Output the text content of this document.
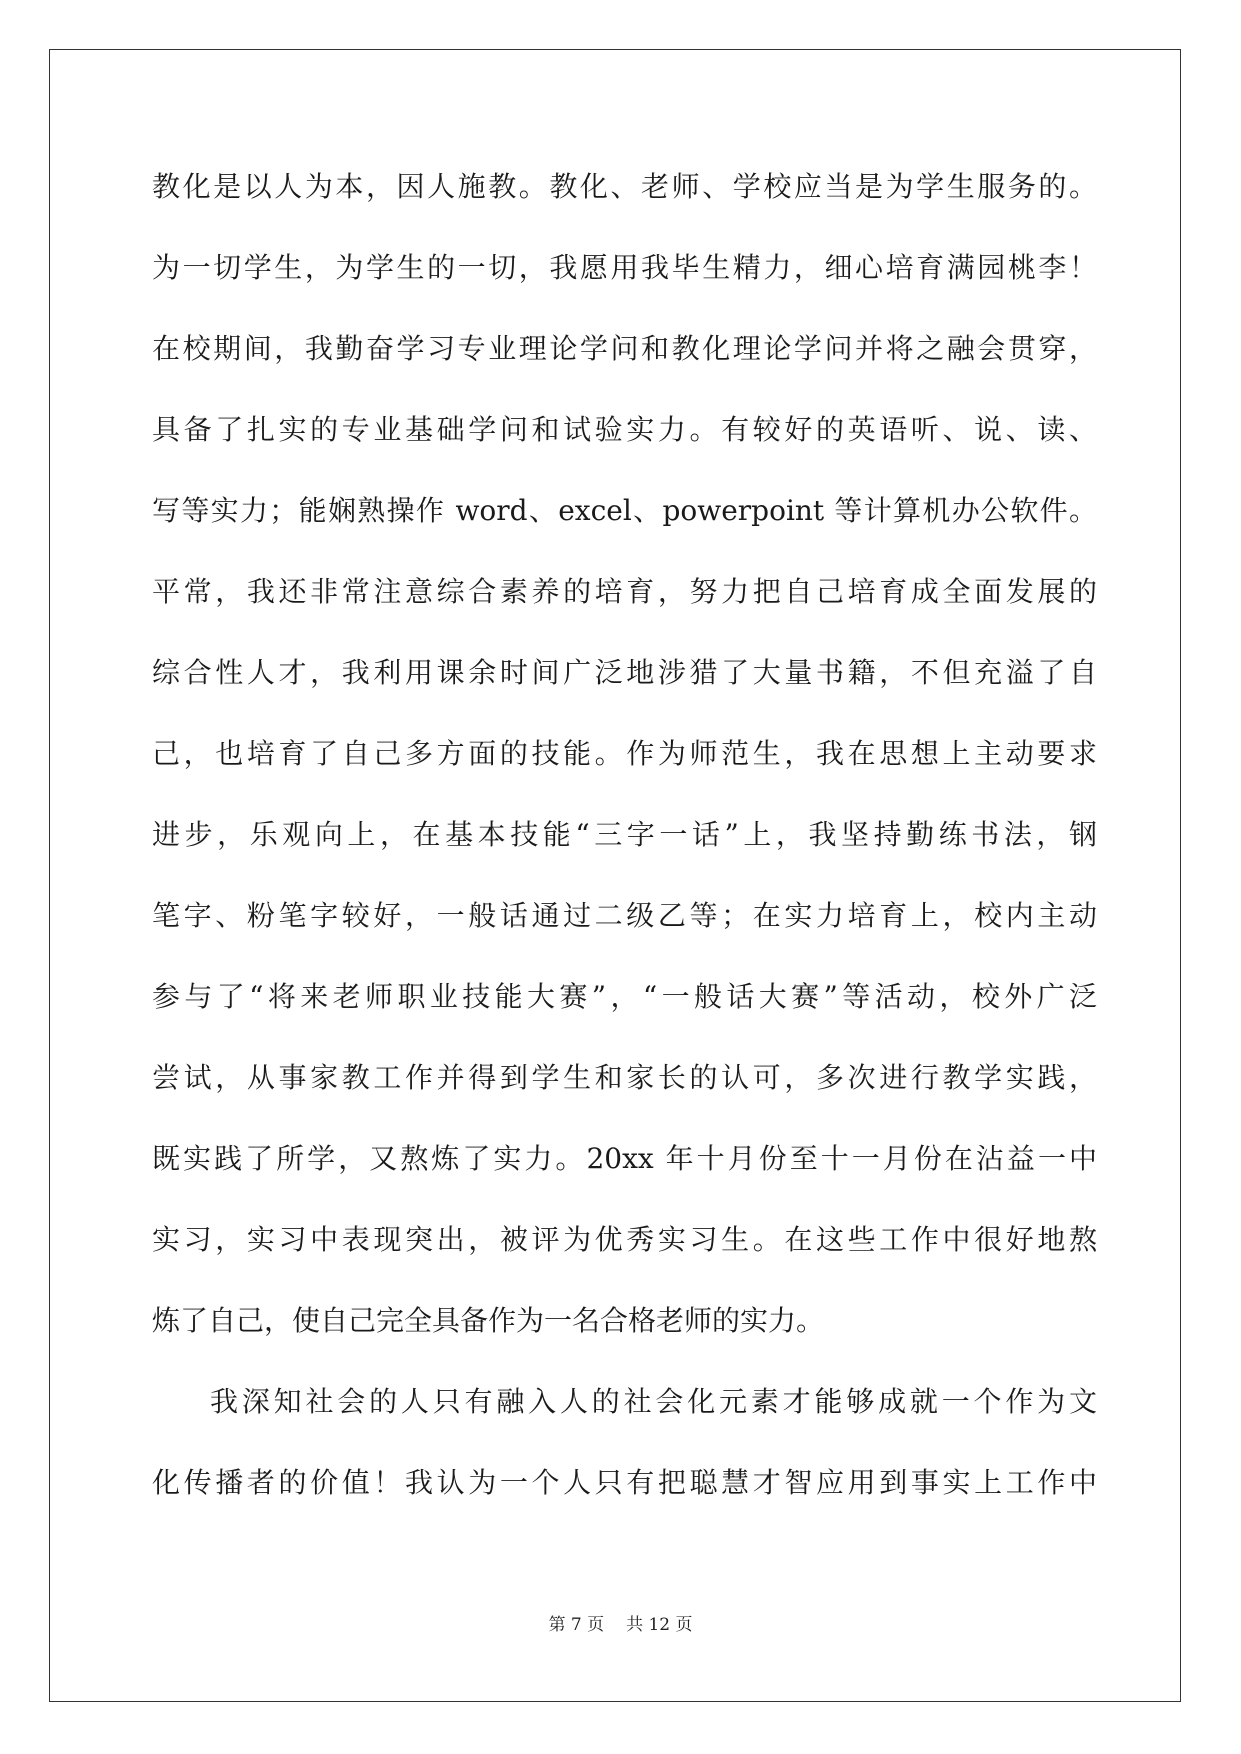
教化是以人为本，因人施教。教化、老师、学校应当是为学生服务的。
为一切学生，为学生的一切，我愿用我毕生精力，细心培育满园桃李！
在校期间，我勤奋学习专业理论学问和教化理论学问并将之融会贯穿，
具备了扎实的专业基础学问和试验实力。有较好的英语听、说、读、
写等实力；能娴熟操作 word、excel、powerpoint 等计算机办公软件。
平常，我还非常注意综合素养的培育，努力把自己培育成全面发展的
综合性人才，我利用课余时间广泛地涉猎了大量书籍，不但充溢了自
己，也培育了自己多方面的技能。作为师范生，我在思想上主动要求
进步，乐观向上，在基本技能“三字一话”上，我坚持勤练书法，钢
笔字、粉笔字较好，一般话通过二级乙等；在实力培育上，校内主动
参与了“将来老师职业技能大赛”，“一般话大赛”等活动，校外广泛
尝试，从事家教工作并得到学生和家长的认可，多次进行教学实践，
既实践了所学，又熬炼了实力。20xx 年十月份至十一月份在沾益一中
实习，实习中表现突出，被评为优秀实习生。在这些工作中很好地熬
炼了自己，使自己完全具备作为一名合格老师的实力。
我深知社会的人只有融入人的社会化元素才能够成就一个作为文
化传播者的价值！我认为一个人只有把聪慧才智应用到事实上工作中
第 7 页 共 12 页
